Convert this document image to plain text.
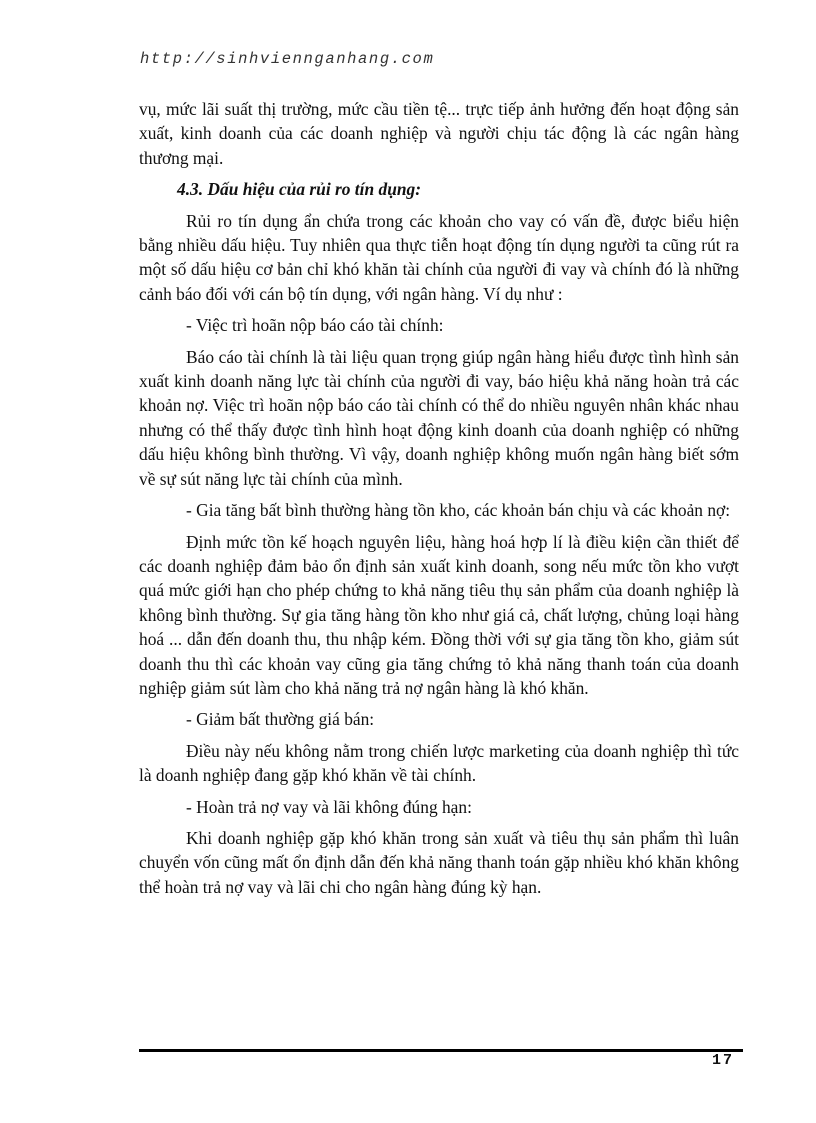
http://sinhviennganhang.com

vụ, mức lãi suất thị trường, mức cầu tiền tệ... trực tiếp ảnh hưởng đến hoạt động sản xuất, kinh doanh của các doanh nghiệp và người chịu tác động là các ngân hàng thương mại.

4.3. Dấu hiệu của rủi ro tín dụng:

Rủi ro tín dụng ẩn chứa trong các khoản cho vay có vấn đề, được biểu hiện bằng nhiều dấu hiệu. Tuy nhiên qua thực tiễn hoạt động tín dụng người ta cũng rút ra một số dấu hiệu cơ bản chỉ khó khăn tài chính của người đi vay và chính đó là những cảnh báo đối với cán bộ tín dụng, với ngân hàng. Ví dụ như :

- Việc trì hoãn nộp báo cáo tài chính:

Báo cáo tài chính là tài liệu quan trọng giúp ngân hàng hiểu được tình hình sản xuất kinh doanh năng lực tài chính của người đi vay, báo hiệu khả năng hoàn trả các khoản nợ. Việc trì hoãn nộp báo cáo tài chính có thể do nhiều nguyên nhân khác nhau nhưng có thể thấy được tình hình hoạt động kinh doanh của doanh nghiệp có những dấu hiệu không bình thường. Vì vậy, doanh nghiệp không muốn ngân hàng biết sớm về sự sút năng lực tài chính của mình.

- Gia tăng bất bình thường hàng tồn kho, các khoản bán chịu và các khoản nợ:

Định mức tồn kế hoạch nguyên liệu, hàng hoá hợp lí là điều kiện cần thiết để các doanh nghiệp đảm bảo ổn định sản xuất kinh doanh, song nếu mức tồn kho vượt quá mức giới hạn cho phép chứng to khả năng tiêu thụ sản phẩm của doanh nghiệp là không bình thường. Sự gia tăng hàng tồn kho như giá cả, chất lượng, chủng loại hàng hoá ... dẫn đến doanh thu, thu nhập kém. Đồng thời với sự gia tăng tồn kho, giảm sút doanh thu thì các khoản vay cũng gia tăng chứng tỏ khả năng thanh toán của doanh nghiệp giảm sút làm cho khả năng trả nợ ngân hàng là khó khăn.

- Giảm bất thường giá bán:

Điều này nếu không nằm trong chiến lược marketing của doanh nghiệp thì tức là doanh nghiệp đang gặp khó khăn về tài chính.

- Hoàn trả nợ vay và lãi không đúng hạn:

Khi doanh nghiệp gặp khó khăn trong sản xuất và tiêu thụ sản phẩm thì luân chuyển vốn cũng mất ổn định dẫn đến khả năng thanh toán gặp nhiều khó khăn không thể hoàn trả nợ vay và lãi chi cho ngân hàng đúng kỳ hạn.

17
